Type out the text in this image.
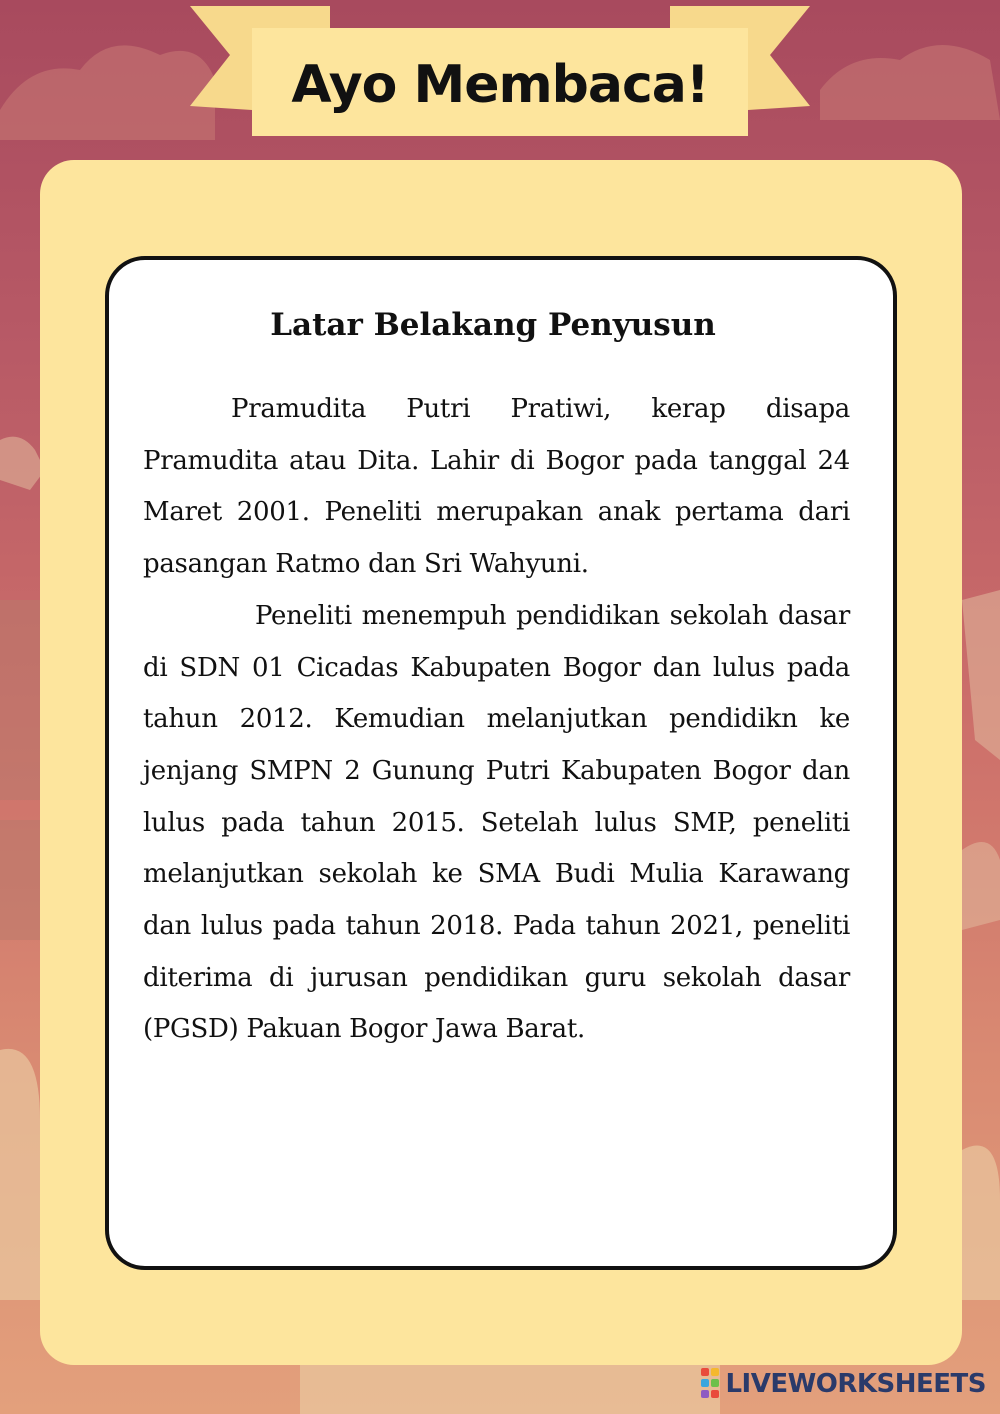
Ayo Membaca!
Latar Belakang Penyusun

Pramudita Putri Pratiwi, kerap disapa Pramudita atau Dita. Lahir di Bogor pada tanggal 24 Maret 2001. Peneliti merupakan anak pertama dari pasangan Ratmo dan Sri Wahyuni.

Peneliti menempuh pendidikan sekolah dasar di SDN 01 Cicadas Kabupaten Bogor dan lulus pada tahun 2012. Kemudian melanjutkan pendidikn ke jenjang SMPN 2 Gunung Putri Kabupaten Bogor dan lulus pada tahun 2015. Setelah lulus SMP, peneliti melanjutkan sekolah ke SMA Budi Mulia Karawang dan lulus pada tahun 2018. Pada tahun 2021, peneliti diterima di jurusan pendidikan guru sekolah dasar (PGSD) Pakuan Bogor Jawa Barat.

LIVEWORKSHEETS
